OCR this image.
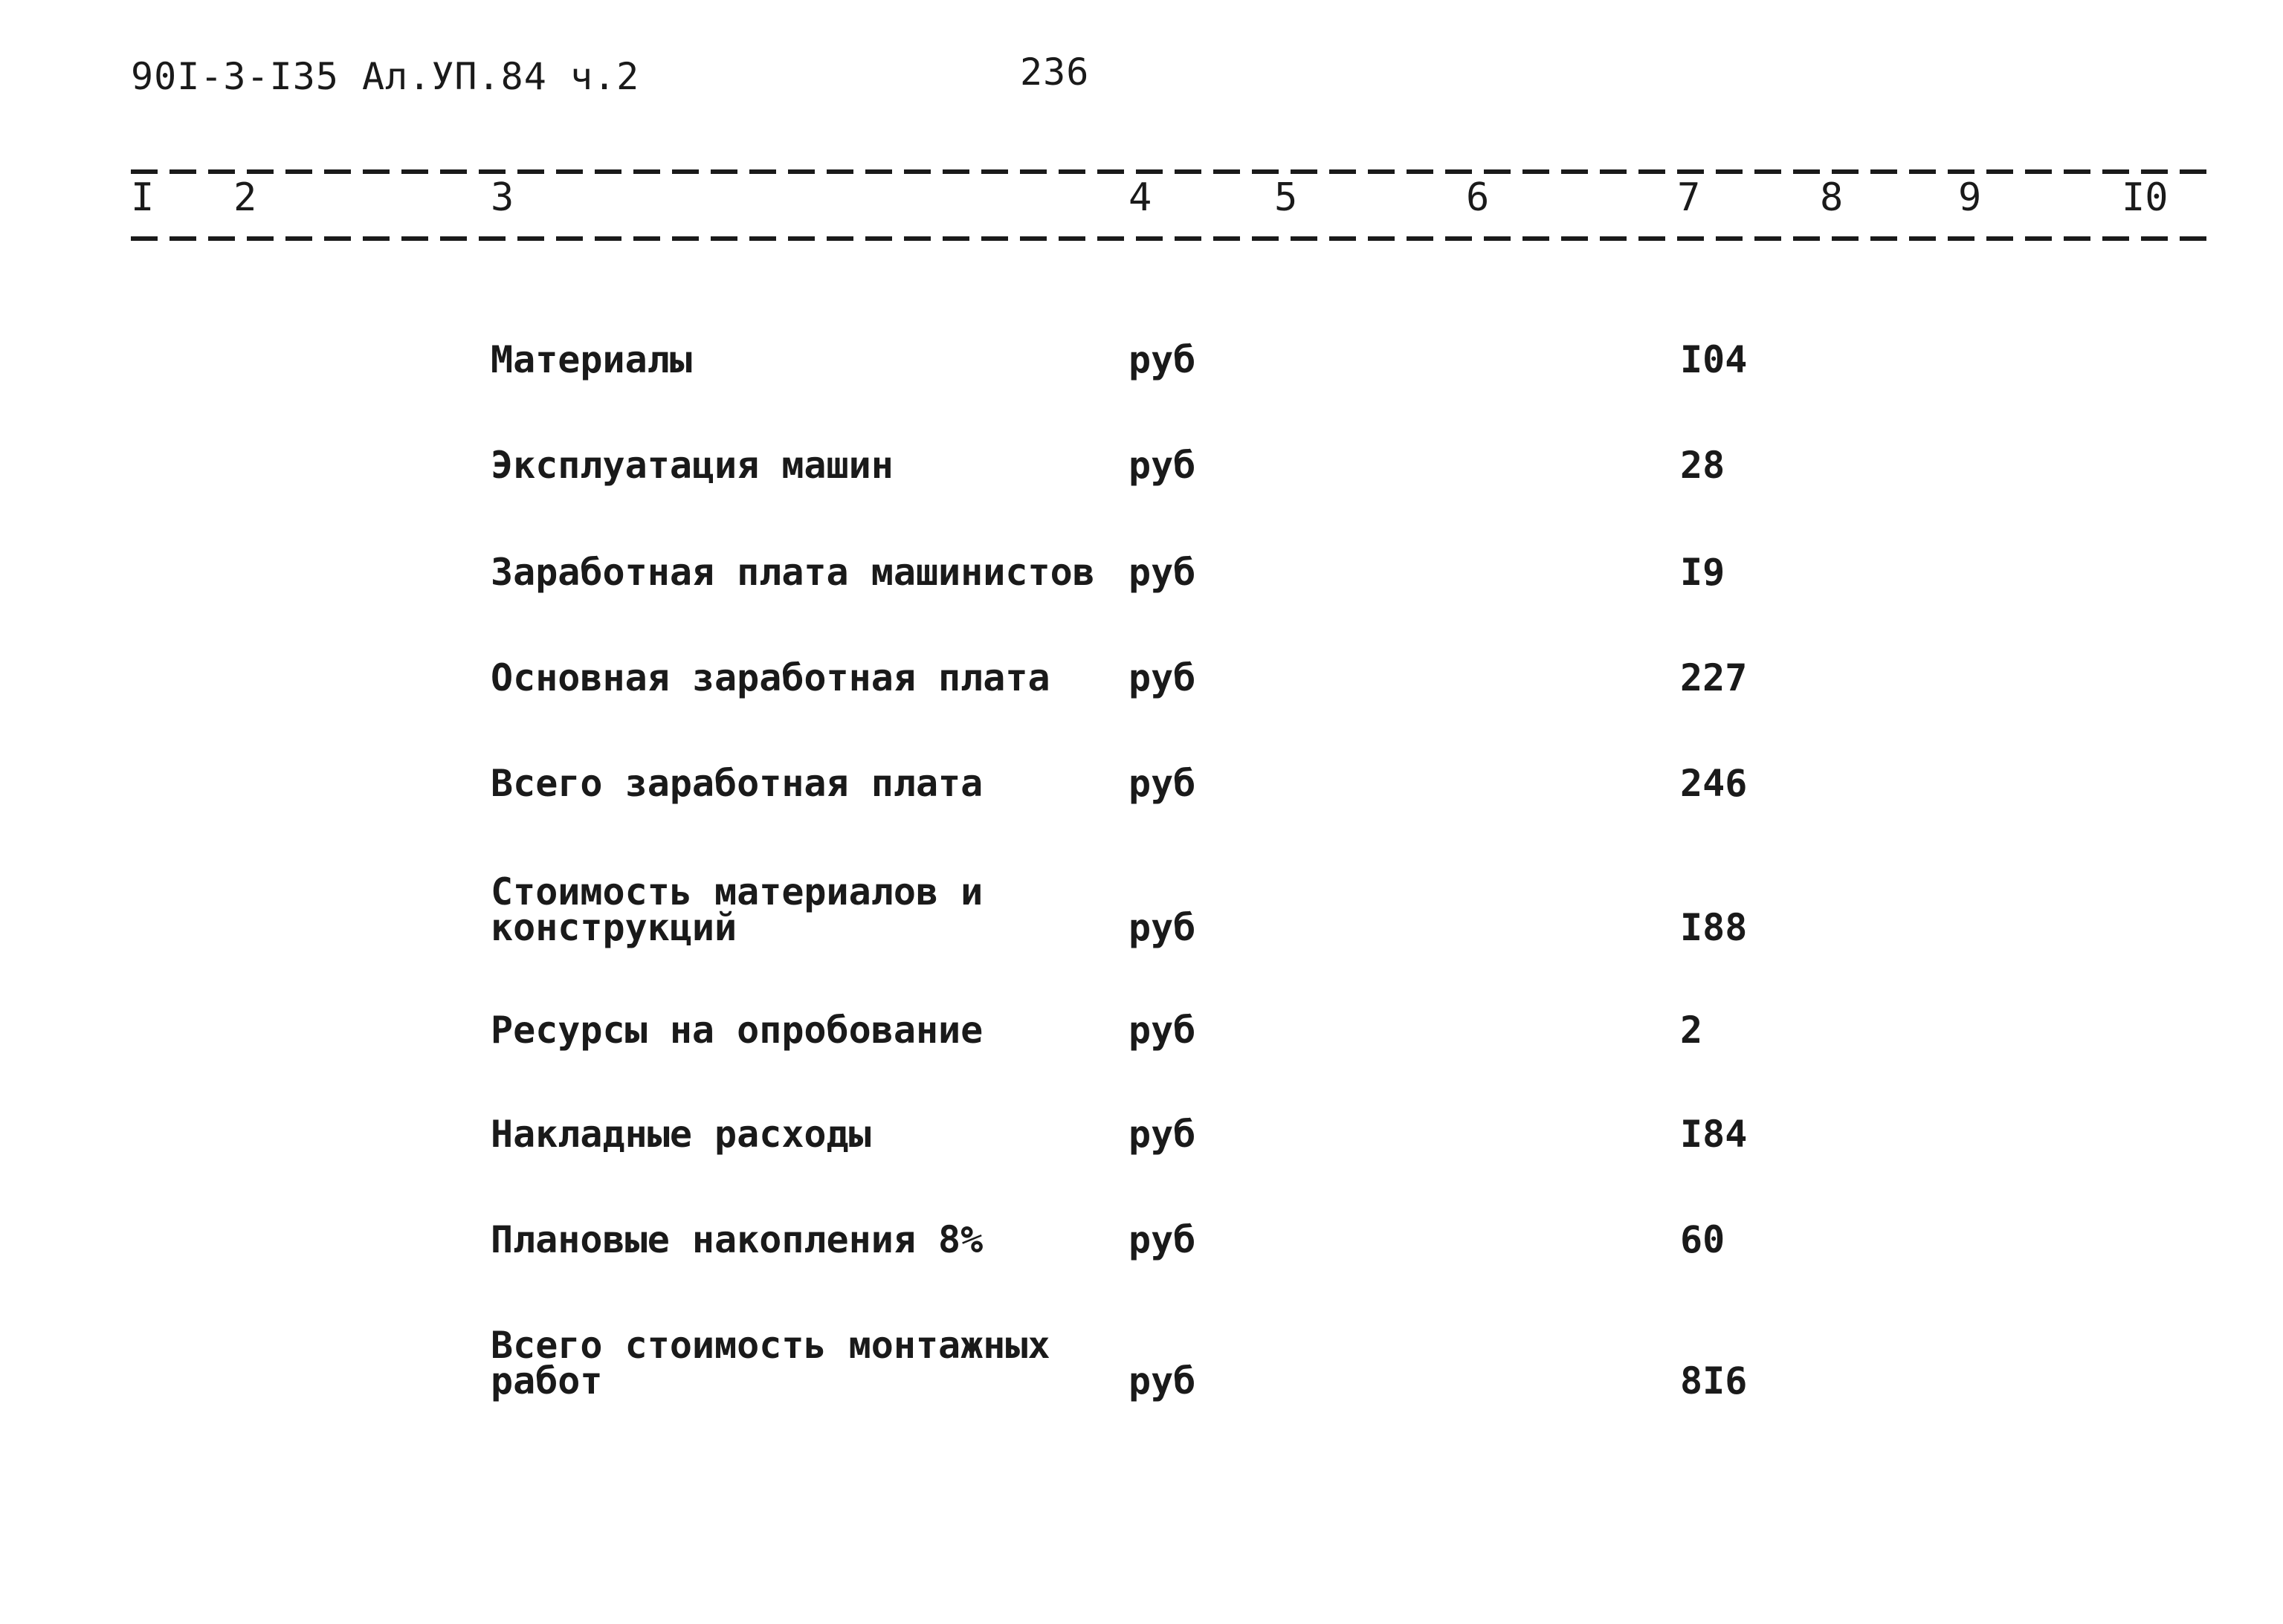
90I-3-I35 Ал.УП.84 ч.2	236
I 2	3	4	5	6	7	8	9	I0
Материалы	руб	I04
Эксплуатация машин	руб	28
Заработная плата машинистов руб	I9
Основная заработная плата руб	227
Всего заработная плата	руб	246
Стоимость материалов и
конструкций	руб	I88
Ресурсы на опробование	руб	2
Накладные расходы	руб	I84
Плановые накопления 8%	руб	60
Всего стоимость монтажных
работ	руб	8I6
